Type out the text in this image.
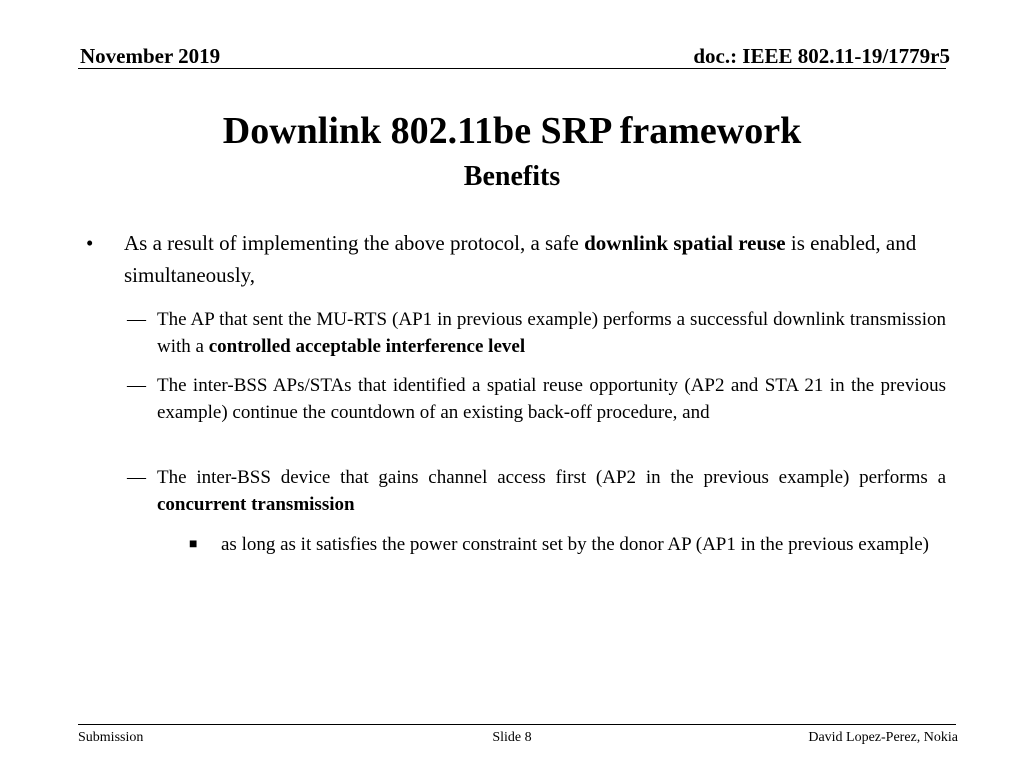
November 2019	doc.: IEEE 802.11-19/1779r5
Downlink 802.11be SRP framework
Benefits
• As a result of implementing the above protocol, a safe downlink spatial reuse is enabled, and simultaneously,
— The AP that sent the MU-RTS (AP1 in previous example) performs a successful downlink transmission with a controlled acceptable interference level
— The inter-BSS APs/STAs that identified a spatial reuse opportunity (AP2 and STA 21 in the previous example) continue the countdown of an existing back-off procedure, and
— The inter-BSS device that gains channel access first (AP2 in the previous example) performs a concurrent transmission
■ as long as it satisfies the power constraint set by the donor AP (AP1 in the previous example)
Submission	Slide 8	David Lopez-Perez, Nokia
